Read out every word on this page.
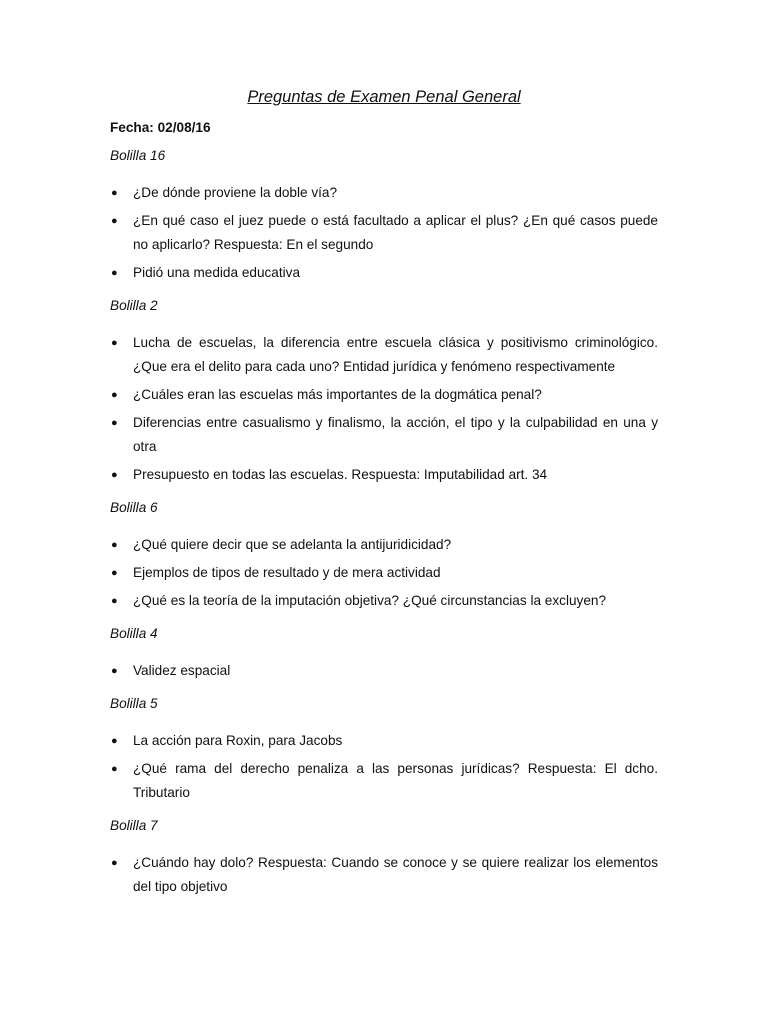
Preguntas de Examen Penal General
Fecha: 02/08/16
Bolilla 16
● ¿De dónde proviene la doble vía?
● ¿En qué caso el juez puede o está facultado a aplicar el plus? ¿En qué casos puede no aplicarlo? Respuesta: En el segundo
● Pidió una medida educativa
Bolilla 2
● Lucha de escuelas, la diferencia entre escuela clásica y positivismo criminológico. ¿Que era el delito para cada uno? Entidad jurídica y fenómeno respectivamente
● ¿Cuáles eran las escuelas más importantes de la dogmática penal?
● Diferencias entre casualismo y finalismo, la acción, el tipo y la culpabilidad en una y otra
● Presupuesto en todas las escuelas. Respuesta: Imputabilidad art. 34
Bolilla 6
● ¿Qué quiere decir que se adelanta la antijuridicidad?
● Ejemplos de tipos de resultado y de mera actividad
● ¿Qué es la teoría de la imputación objetiva? ¿Qué circunstancias la excluyen?
Bolilla 4
● Validez espacial
Bolilla 5
● La acción para Roxin, para Jacobs
● ¿Qué rama del derecho penaliza a las personas jurídicas? Respuesta: El dcho. Tributario
Bolilla 7
● ¿Cuándo hay dolo? Respuesta: Cuando se conoce y se quiere realizar los elementos del tipo objetivo
